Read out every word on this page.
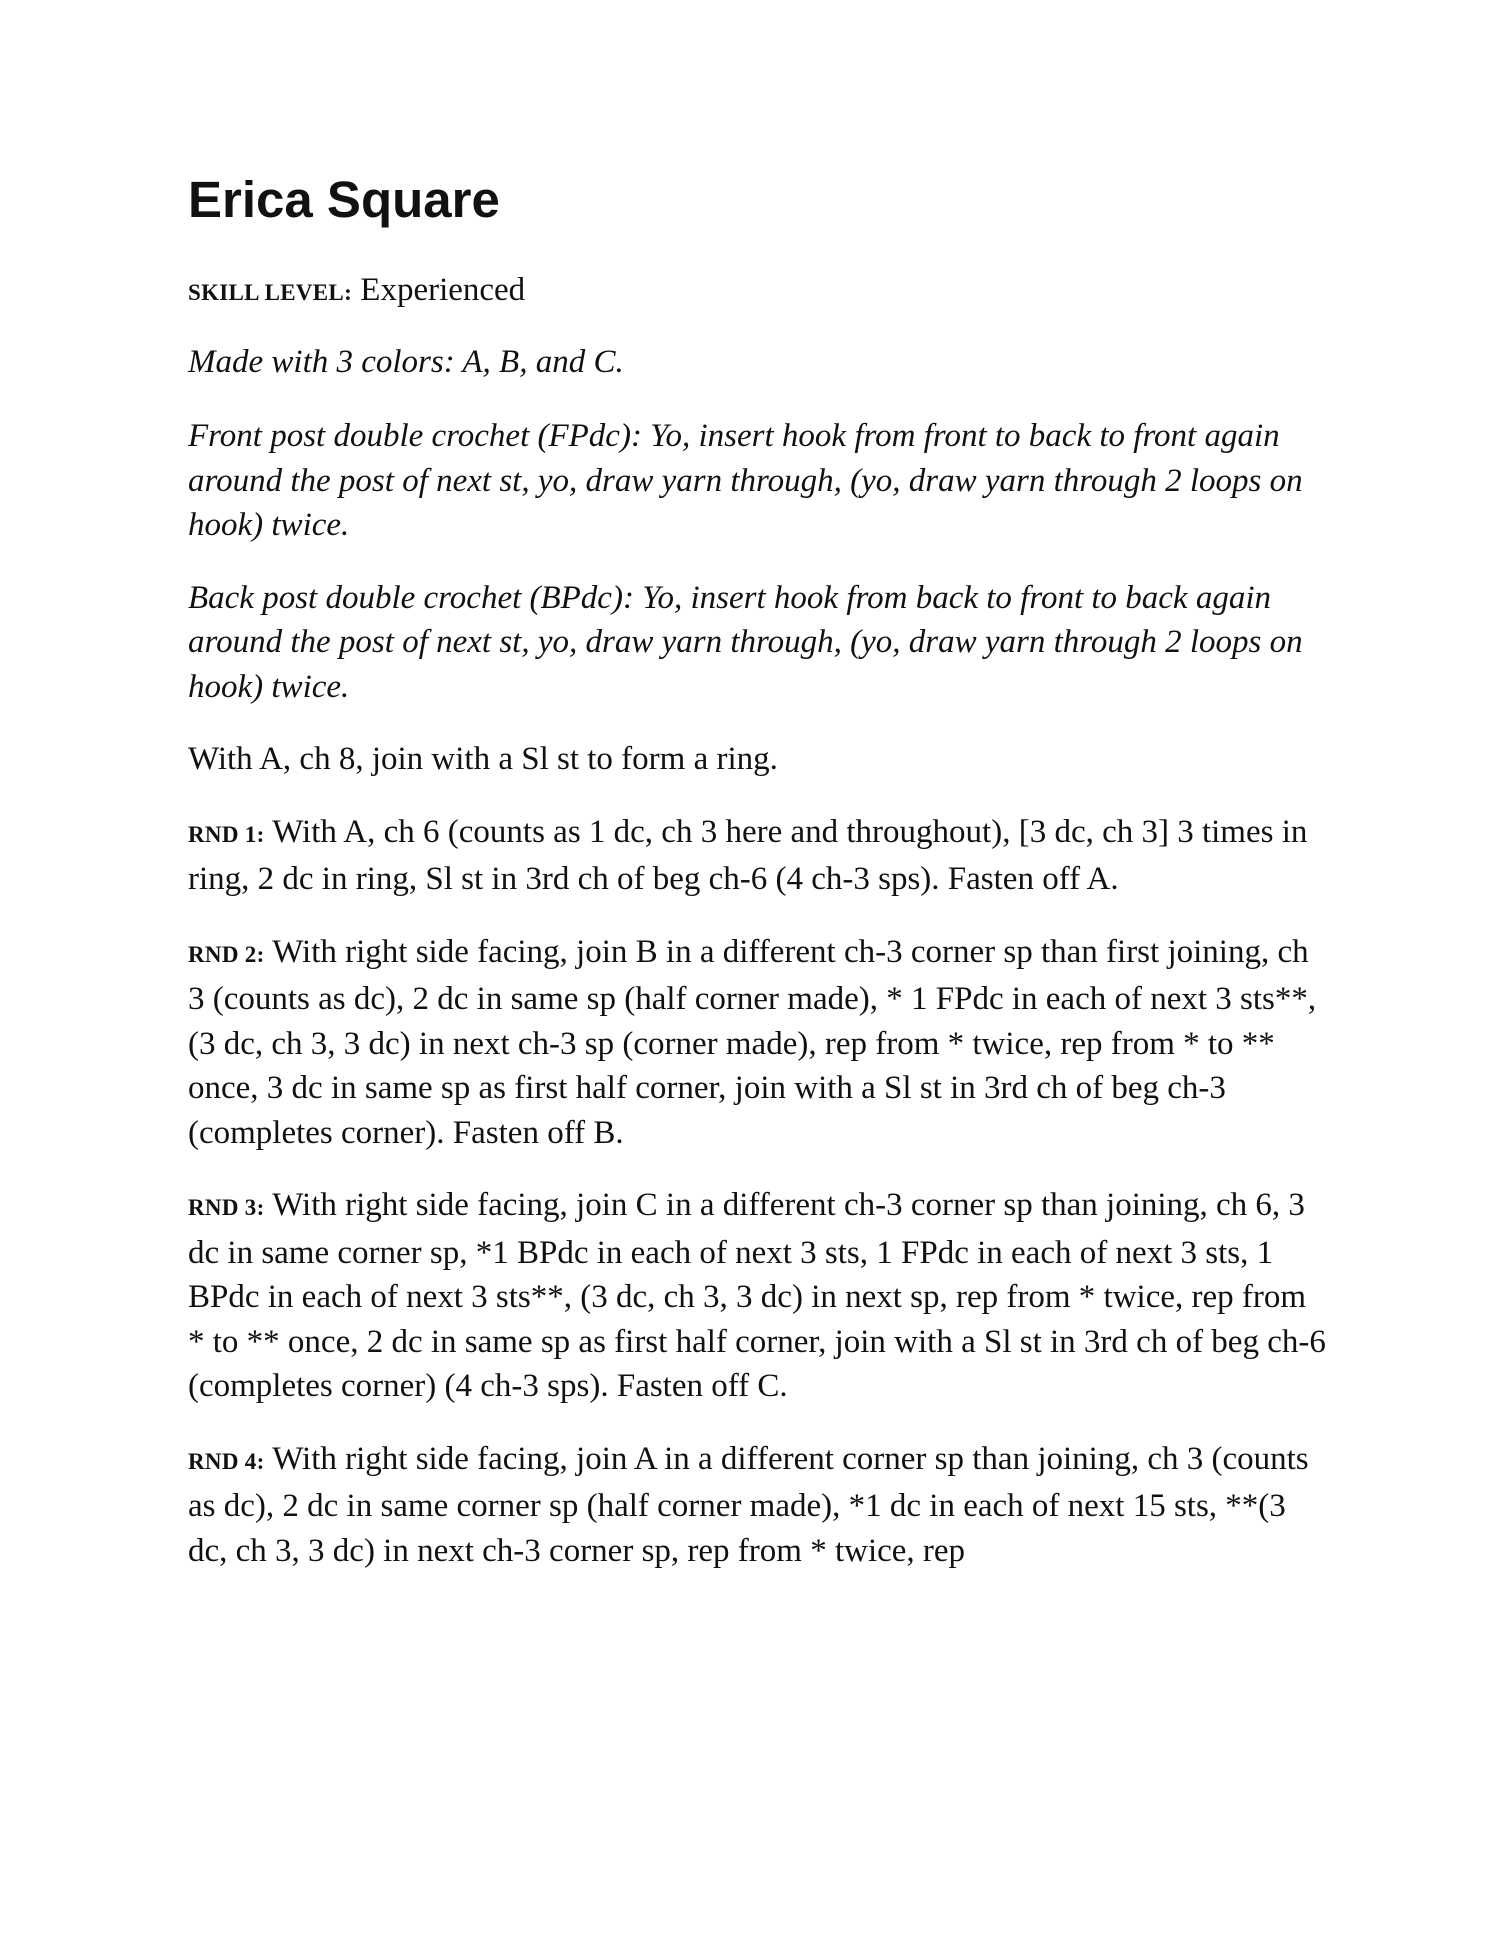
Erica Square

SKILL LEVEL: Experienced

Made with 3 colors: A, B, and C.

Front post double crochet (FPdc): Yo, insert hook from front to back to front again around the post of next st, yo, draw yarn through, (yo, draw yarn through 2 loops on hook) twice.

Back post double crochet (BPdc): Yo, insert hook from back to front to back again around the post of next st, yo, draw yarn through, (yo, draw yarn through 2 loops on hook) twice.

With A, ch 8, join with a Sl st to form a ring.

RND 1: With A, ch 6 (counts as 1 dc, ch 3 here and throughout), [3 dc, ch 3] 3 times in ring, 2 dc in ring, Sl st in 3rd ch of beg ch-6 (4 ch-3 sps). Fasten off A.

RND 2: With right side facing, join B in a different ch-3 corner sp than first joining, ch 3 (counts as dc), 2 dc in same sp (half corner made), * 1 FPdc in each of next 3 sts**, (3 dc, ch 3, 3 dc) in next ch-3 sp (corner made), rep from * twice, rep from * to ** once, 3 dc in same sp as first half corner, join with a Sl st in 3rd ch of beg ch-3 (completes corner). Fasten off B.

RND 3: With right side facing, join C in a different ch-3 corner sp than joining, ch 6, 3 dc in same corner sp, *1 BPdc in each of next 3 sts, 1 FPdc in each of next 3 sts, 1 BPdc in each of next 3 sts**, (3 dc, ch 3, 3 dc) in next sp, rep from * twice, rep from * to ** once, 2 dc in same sp as first half corner, join with a Sl st in 3rd ch of beg ch-6 (completes corner) (4 ch-3 sps). Fasten off C.

RND 4: With right side facing, join A in a different corner sp than joining, ch 3 (counts as dc), 2 dc in same corner sp (half corner made), *1 dc in each of next 15 sts, **(3 dc, ch 3, 3 dc) in next ch-3 corner sp, rep from * twice, rep
